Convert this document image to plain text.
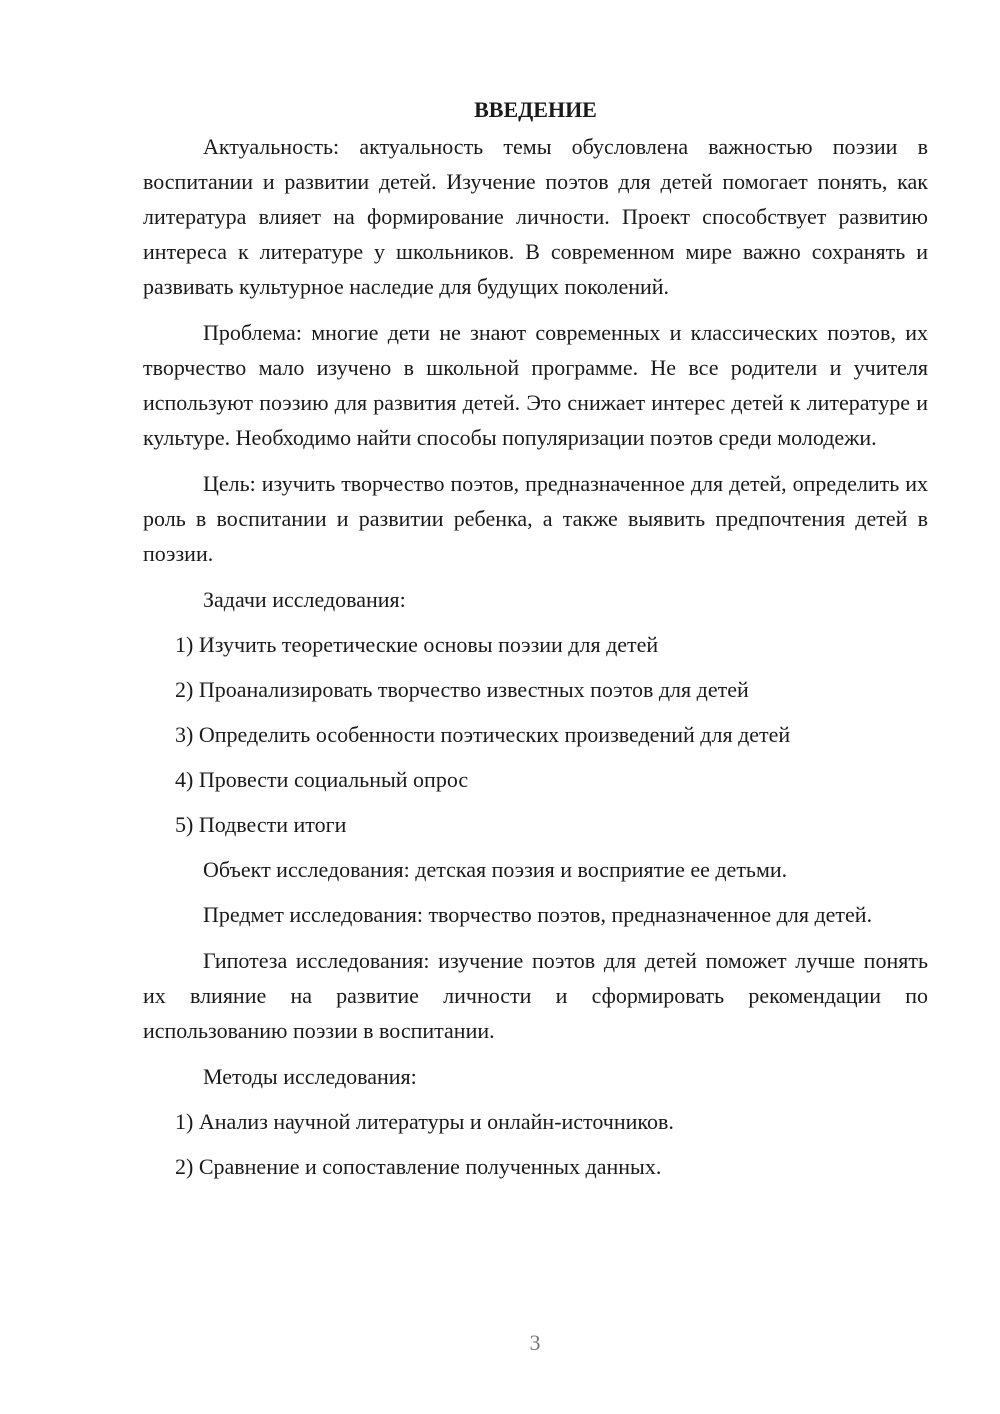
ВВЕДЕНИЕ

Актуальность: актуальность темы обусловлена важностью поэзии в воспитании и развитии детей. Изучение поэтов для детей помогает понять, как литература влияет на формирование личности. Проект способствует развитию интереса к литературе у школьников. В современном мире важно сохранять и развивать культурное наследие для будущих поколений.

Проблема: многие дети не знают современных и классических поэтов, их творчество мало изучено в школьной программе. Не все родители и учителя используют поэзию для развития детей. Это снижает интерес детей к литературе и культуре. Необходимо найти способы популяризации поэтов среди молодежи.

Цель: изучить творчество поэтов, предназначенное для детей, определить их роль в воспитании и развитии ребенка, а также выявить предпочтения детей в поэзии.

Задачи исследования:
1) Изучить теоретические основы поэзии для детей
2) Проанализировать творчество известных поэтов для детей
3) Определить особенности поэтических произведений для детей
4) Провести социальный опрос
5) Подвести итоги
Объект исследования: детская поэзия и восприятие ее детьми.

Предмет исследования: творчество поэтов, предназначенное для детей.

Гипотеза исследования: изучение поэтов для детей поможет лучше понять их влияние на развитие личности и сформировать рекомендации по использованию поэзии в воспитании.

Методы исследования:
1) Анализ научной литературы и онлайн-источников.
2) Сравнение и сопоставление полученных данных.
3
